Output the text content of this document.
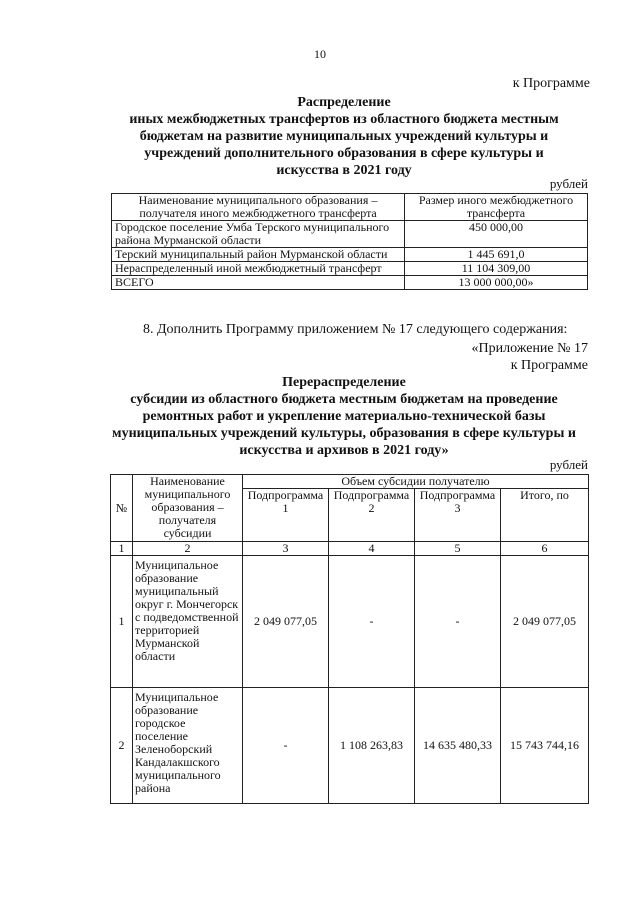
10
к Программе
Распределение
иных межбюджетных трансфертов из областного бюджета местным
бюджетам на развитие муниципальных учреждений культуры и
учреждений дополнительного образования в сфере культуры и
искусства в 2021 году
рублей
Наименование муниципального образования – получателя иного межбюджетного трансфертa	Размер иного межбюджетного трансферта
Городское поселение Умба Терского муниципального района Мурманской области	450 000,00
Терский муниципальный район Мурманской области	1 445 691,0
Нераспределенный иной межбюджетный трансферт	11 104 309,00
ВСЕГО	13 000 000,00»
8. Дополнить Программу приложением № 17 следующего содержания:
«Приложение № 17
к Программе
Перераспределение
субсидии из областного бюджета местным бюджетам на проведение
ремонтных работ и укрепление материально-технической базы
муниципальных учреждений культуры, образования в сфере культуры и
искусства и архивов в 2021 году»
рублей
№	Наименование муниципального образования – получателя субсидии	Объем субсидии получателю			
		Подпрограмма 1	Подпрограмма 2	Подпрограмма 3	Итого, по
1	2	3	4	5	6
1	Муниципальное образование муниципальный округ г. Мончегорск с подведомственной территорией Мурманской области	2 049 077,05	-	-	2 049 077,05
2	Муниципальное образование городское поселение Зеленоборский Кандалакшского муниципального района	-	1 108 263,83	14 635 480,33	15 743 744,16
